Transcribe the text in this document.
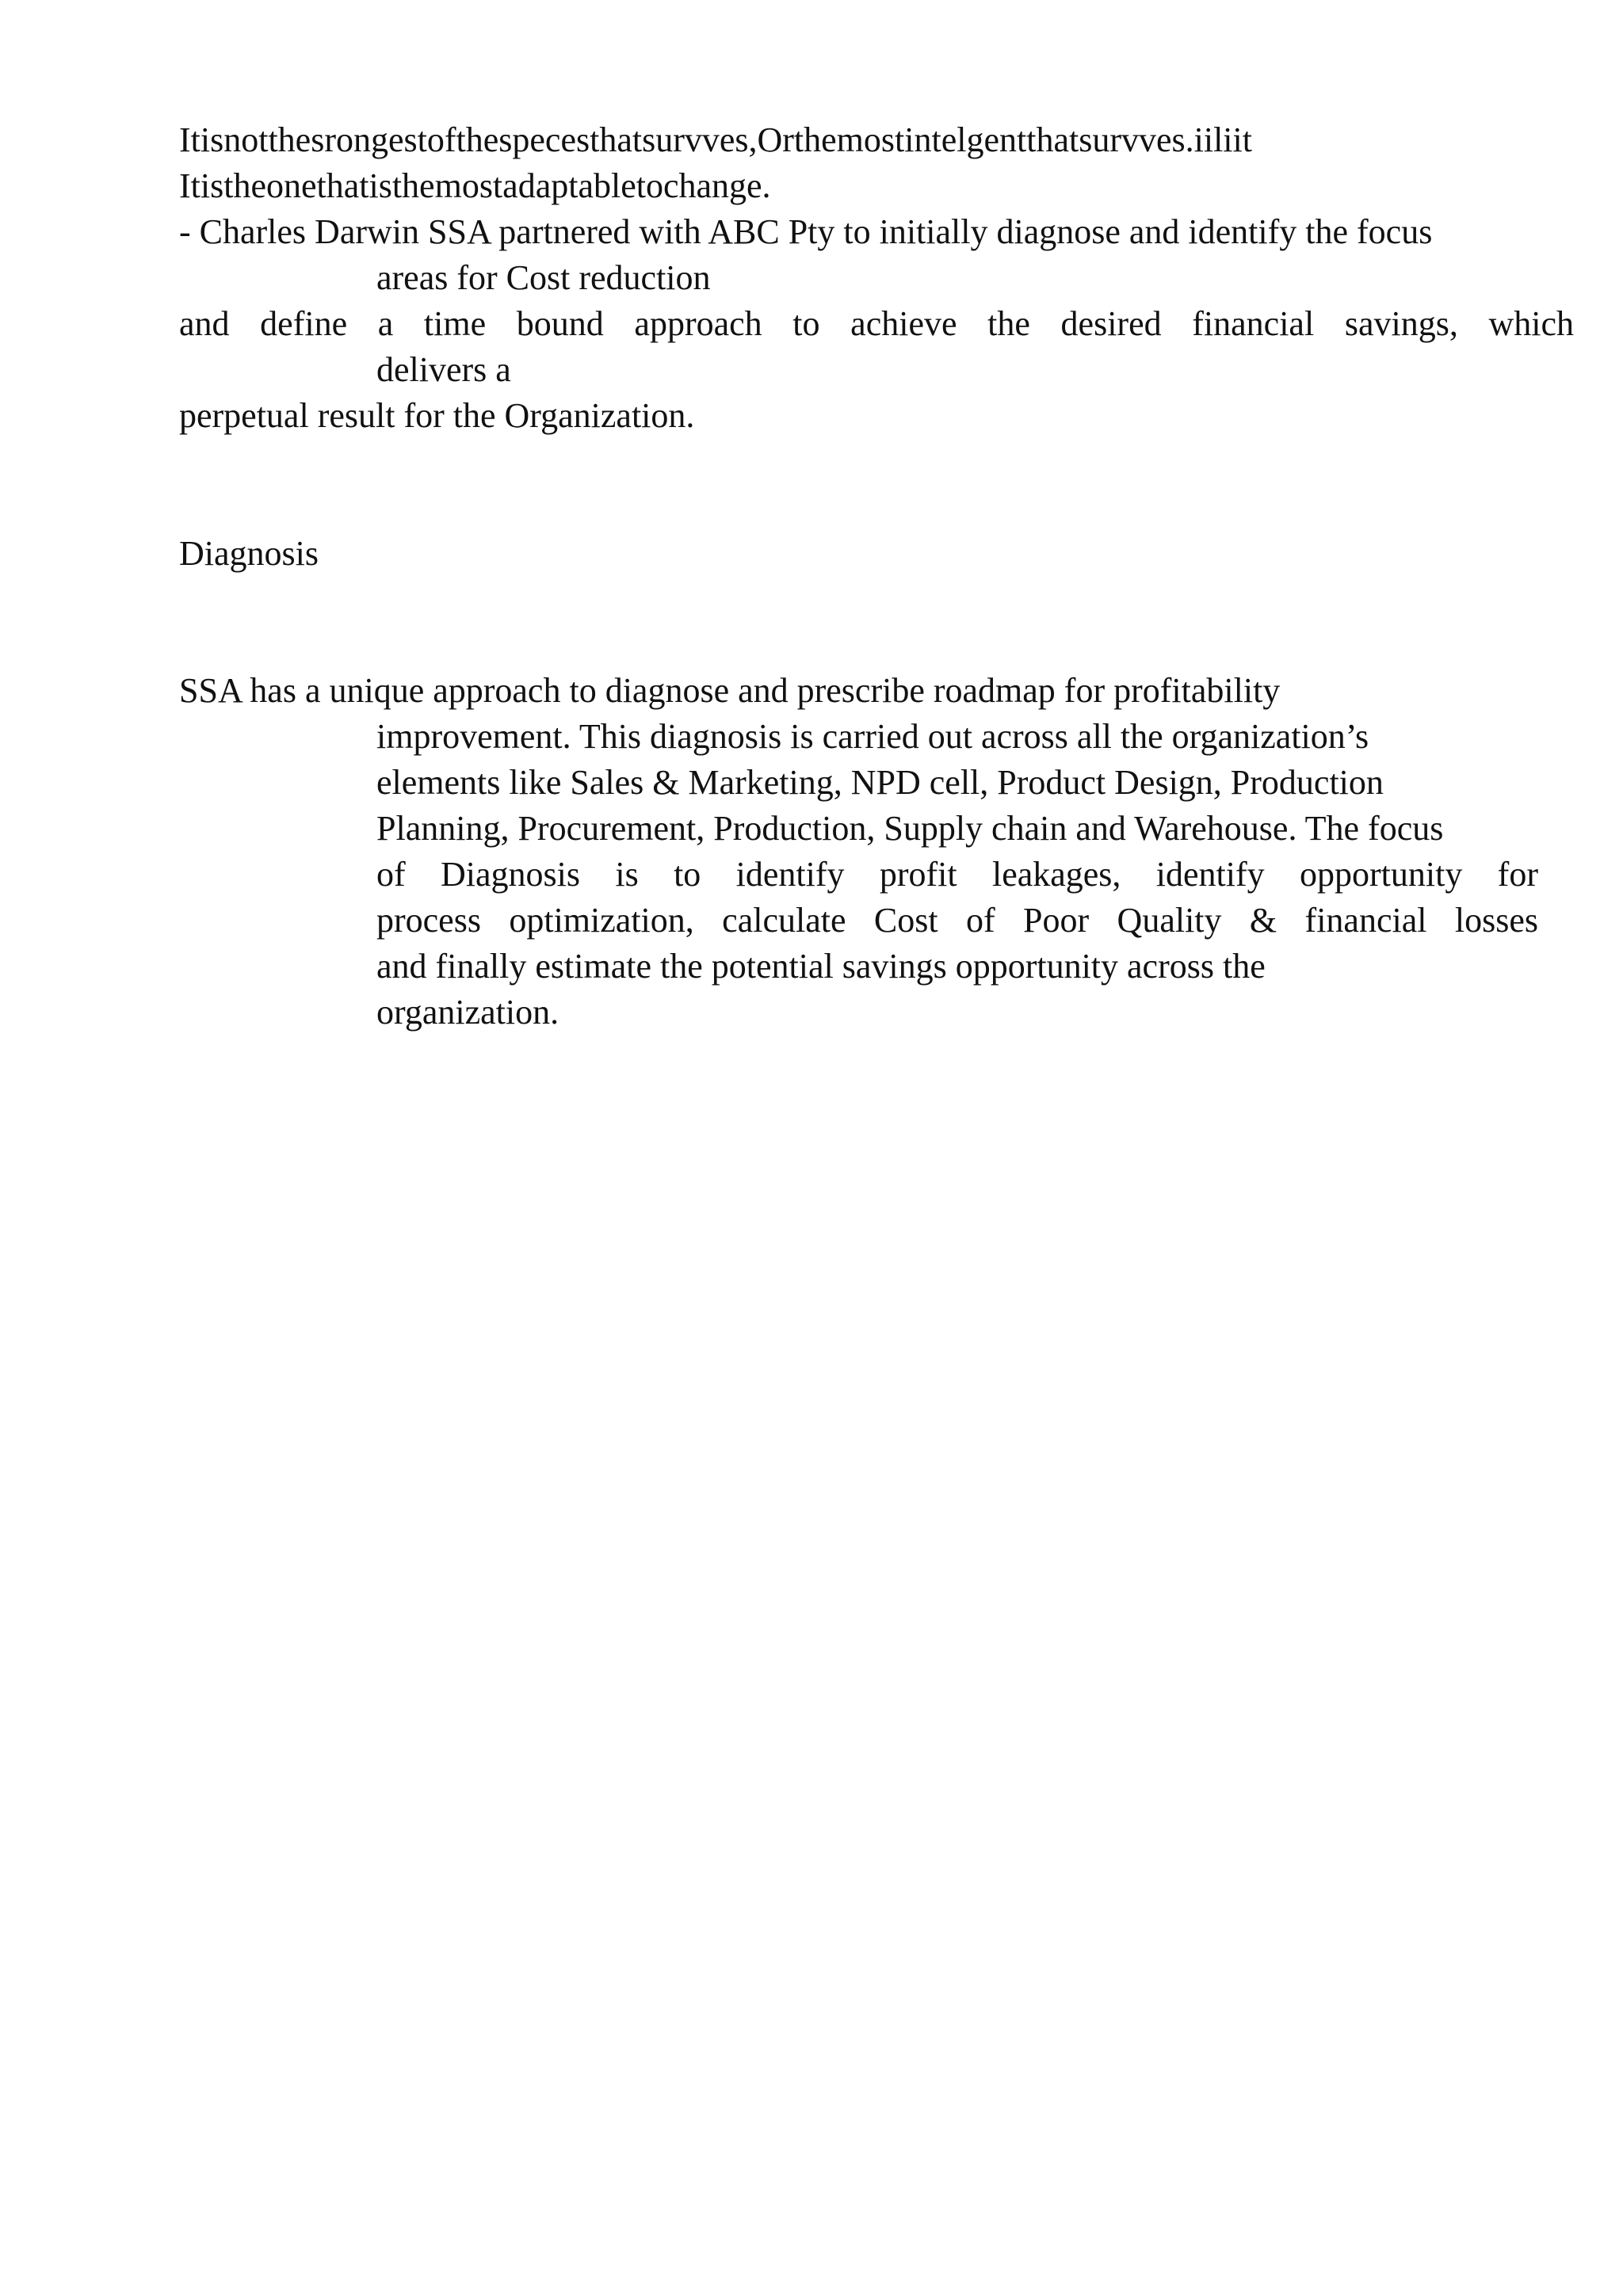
Itisnotthesrongestofthespecesthatsurvves,Orthemostintelgentthatsurvves.iiliit
Itistheonethatisthemostadaptabletochange.
- Charles Darwin SSA partnered with ABC Pty to initially diagnose and identify the focus
areas for Cost reduction
and define a time bound approach to achieve the desired financial savings, which
delivers a
perpetual result for the Organization.
Diagnosis
SSA has a unique approach to diagnose and prescribe roadmap for profitability
improvement. This diagnosis is carried out across all the organization’s
elements like Sales & Marketing, NPD cell, Product Design, Production
Planning, Procurement, Production, Supply chain and Warehouse. The focus
of Diagnosis is to identify profit leakages, identify opportunity for
process optimization, calculate Cost of Poor Quality & financial losses
and finally estimate the potential savings opportunity across the
organization.
